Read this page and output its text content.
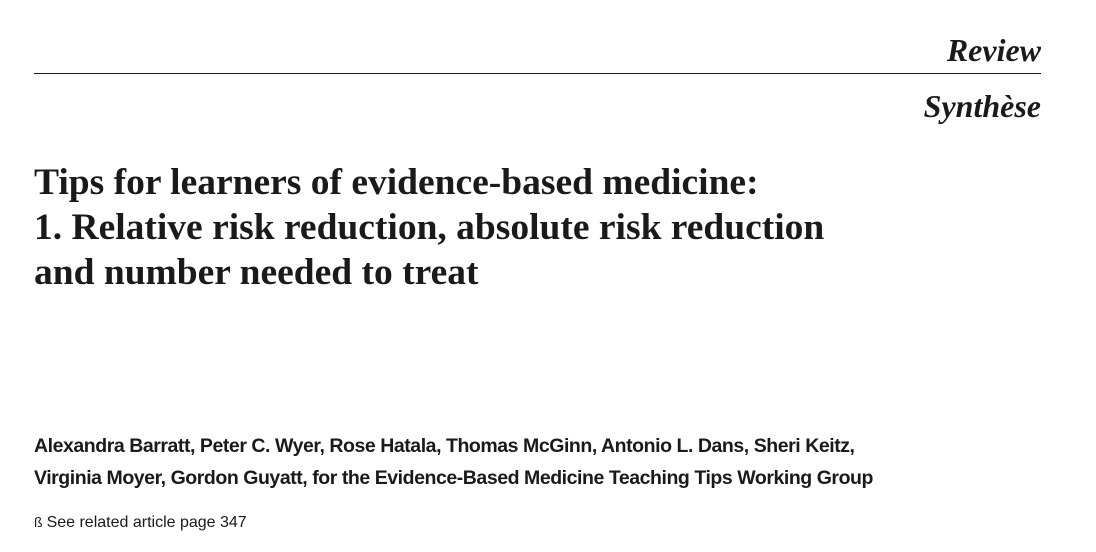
Review
Synthèse
Tips for learners of evidence-based medicine:
1. Relative risk reduction, absolute risk reduction
and number needed to treat
Alexandra Barratt, Peter C. Wyer, Rose Hatala, Thomas McGinn, Antonio L. Dans, Sheri Keitz,
Virginia Moyer, Gordon Guyatt, for the Evidence-Based Medicine Teaching Tips Working Group
ß See related article page 347
